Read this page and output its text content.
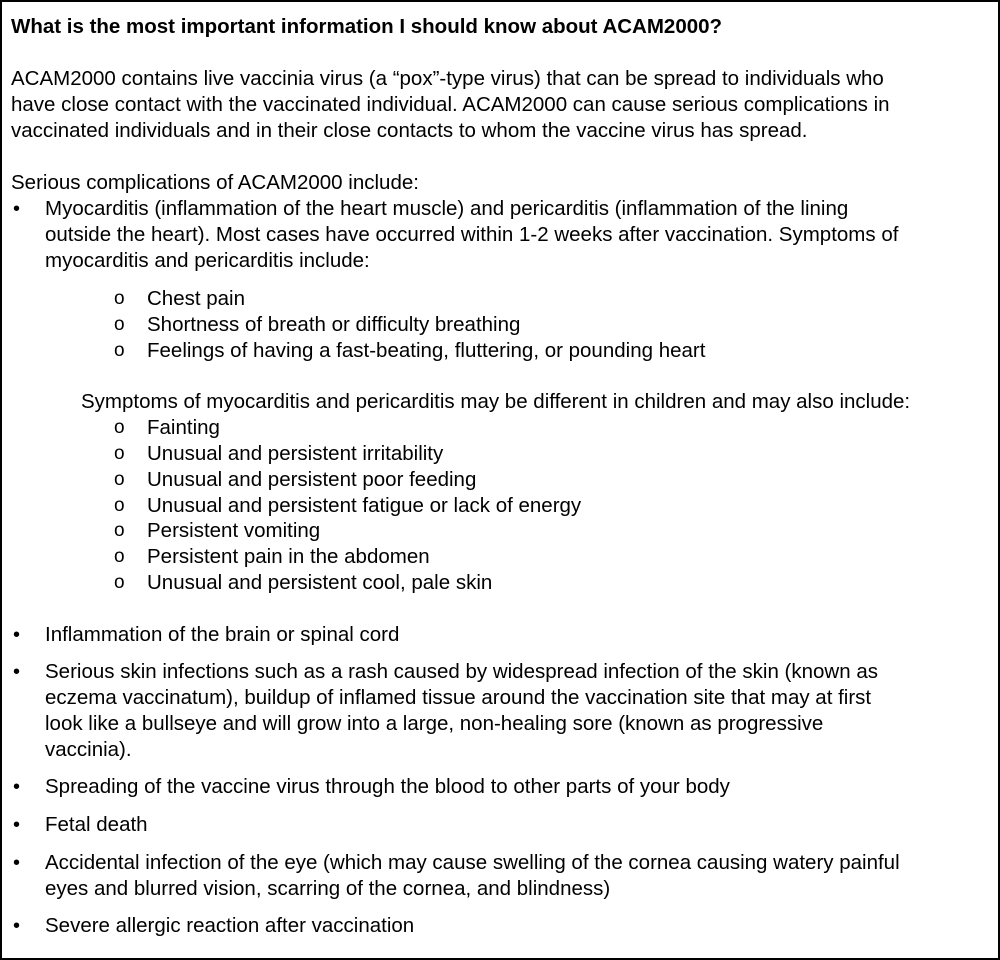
What is the most important information I should know about ACAM2000?

ACAM2000 contains live vaccinia virus (a “pox”-type virus) that can be spread to individuals who

have close contact with the vaccinated individual. ACAM2000 can cause serious complications in

vaccinated individuals and in their close contacts to whom the vaccine virus has spread.

Serious complications of ACAM2000 include:

• Myocarditis (inflammation of the heart muscle) and pericarditis (inflammation of the lining

outside the heart). Most cases have occurred within 1-2 weeks after vaccination. Symptoms of

myocarditis and pericarditis include:

o Chest pain

o Shortness of breath or difficulty breathing

o Feelings of having a fast-beating, fluttering, or pounding heart

Symptoms of myocarditis and pericarditis may be different in children and may also include:

o Fainting

o Unusual and persistent irritability

o Unusual and persistent poor feeding

o Unusual and persistent fatigue or lack of energy

o Persistent vomiting

o Persistent pain in the abdomen

o Unusual and persistent cool, pale skin

• Inflammation of the brain or spinal cord

• Serious skin infections such as a rash caused by widespread infection of the skin (known as

eczema vaccinatum), buildup of inflamed tissue around the vaccination site that may at first

look like a bullseye and will grow into a large, non-healing sore (known as progressive

vaccinia).

• Spreading of the vaccine virus through the blood to other parts of your body

• Fetal death

• Accidental infection of the eye (which may cause swelling of the cornea causing watery painful

eyes and blurred vision, scarring of the cornea, and blindness)

• Severe allergic reaction after vaccination
